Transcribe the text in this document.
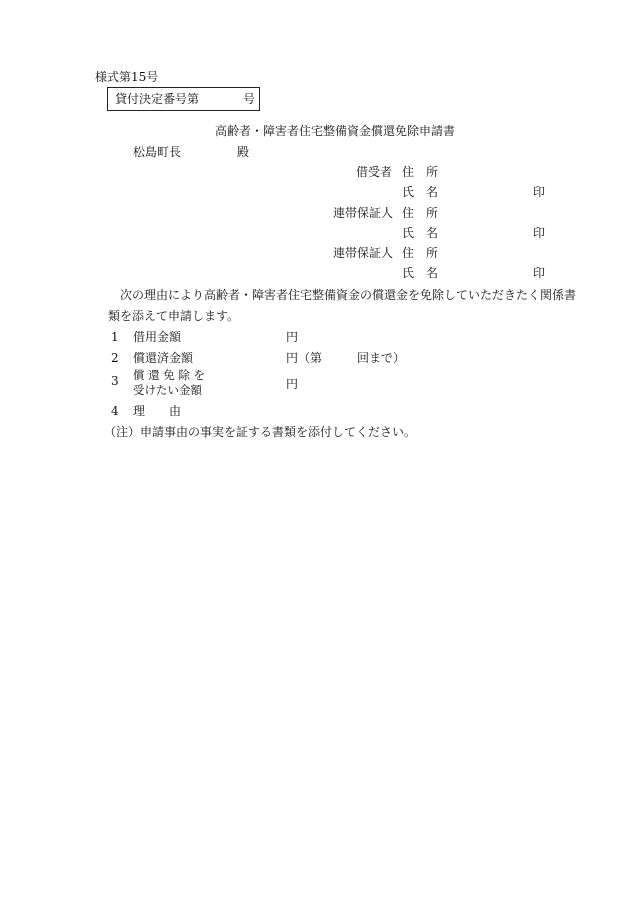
様式第15号
貸付決定番号第	号
高齢者・障害者住宅整備資金償還免除申請書
松島町長	殿
借受者 住　所
氏　名	印
連帯保証人 住　所
氏　名	印
連帯保証人 住　所
氏　名	印
次の理由により高齢者・障害者住宅整備資金の償還金を免除していただきたく関係書
類を添えて申請します。
1 借用金額	円
2 償還済金額	円（第	回まで）
3 償 還 免 除 を
受けたい金額	円
4 理　　由
（注）申請事由の事実を証する書類を添付してください。
